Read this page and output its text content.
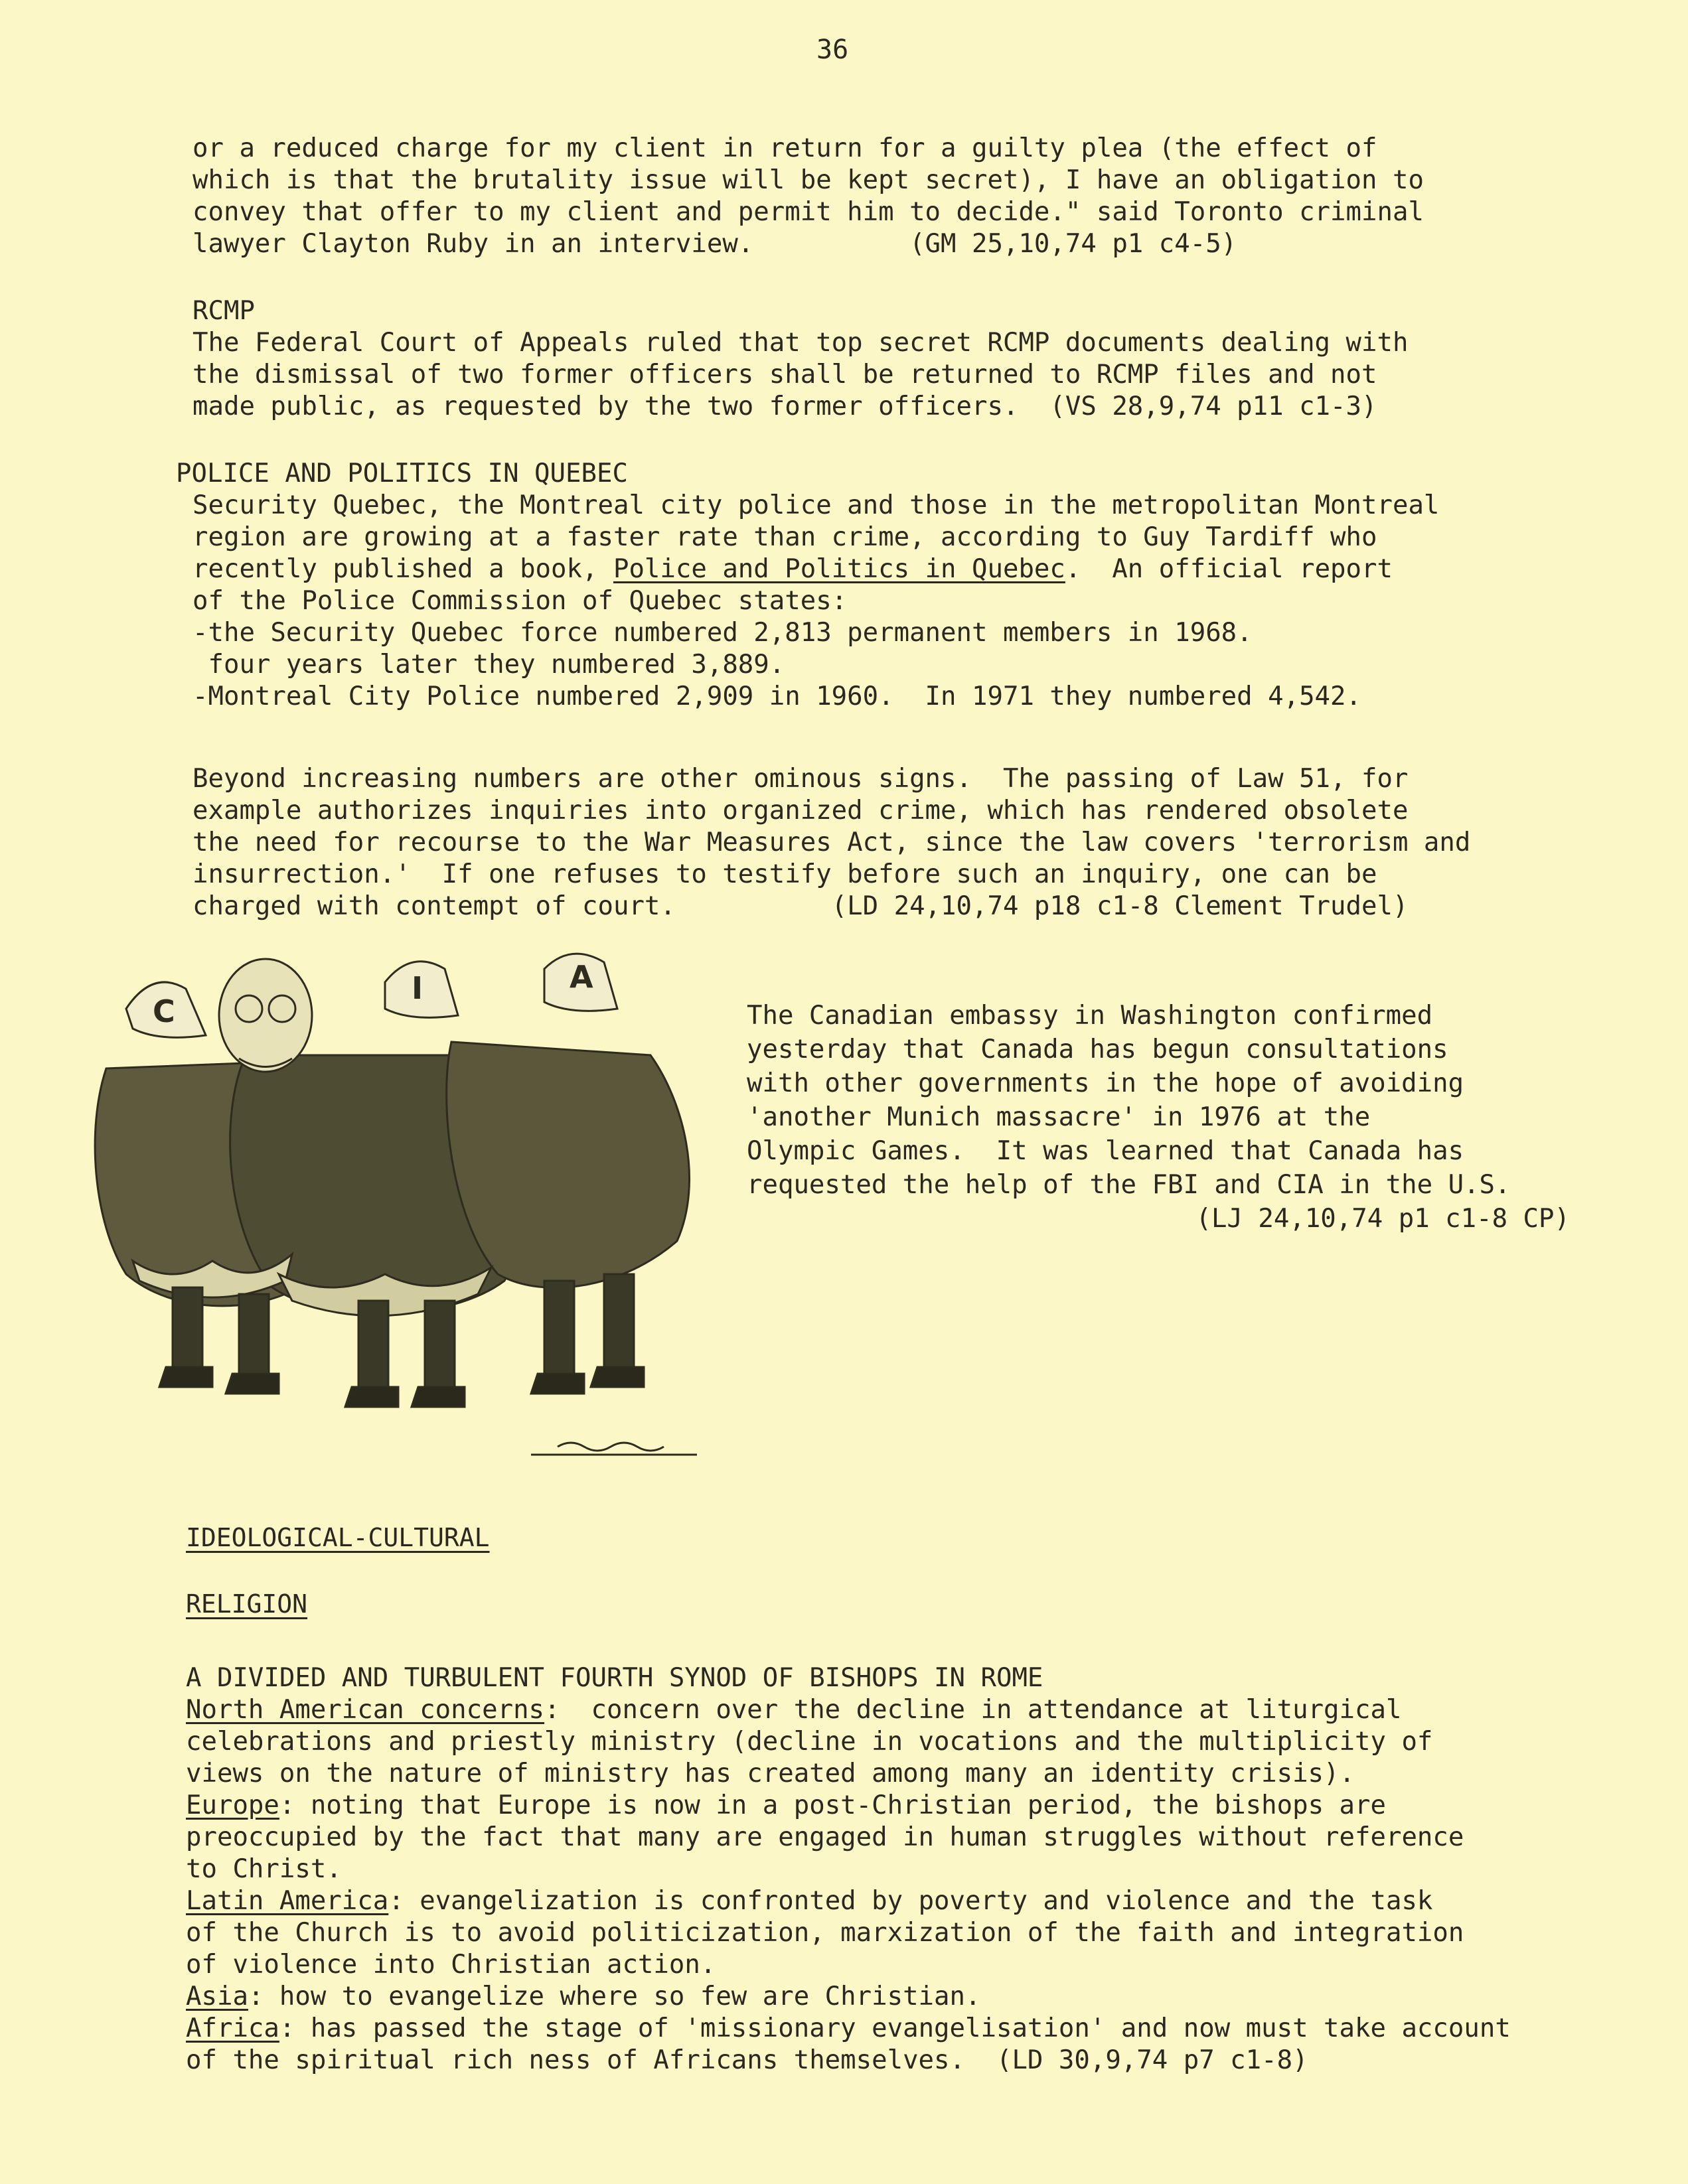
36
or a reduced charge for my client in return for a guilty plea (the effect of
which is that the brutality issue will be kept secret), I have an obligation to
convey that offer to my client and permit him to decide." said Toronto criminal
lawyer Clayton Ruby in an interview.          (GM 25,10,74 p1 c4-5)
RCMP
The Federal Court of Appeals ruled that top secret RCMP documents dealing with
the dismissal of two former officers shall be returned to RCMP files and not
made public, as requested by the two former officers.  (VS 28,9,74 p11 c1-3)
POLICE AND POLITICS IN QUEBEC
Security Quebec, the Montreal city police and those in the metropolitan Montreal
region are growing at a faster rate than crime, according to Guy Tardiff who
recently published a book, Police and Politics in Quebec.  An official report
of the Police Commission of Quebec states:
-the Security Quebec force numbered 2,813 permanent members in 1968.
four years later they numbered 3,889.
-Montreal City Police numbered 2,909 in 1960.  In 1971 they numbered 4,542.
Beyond increasing numbers are other ominous signs.  The passing of Law 51, for
example authorizes inquiries into organized crime, which has rendered obsolete
the need for recourse to the War Measures Act, since the law covers 'terrorism and
insurrection.'  If one refuses to testify before such an inquiry, one can be
charged with contempt of court.          (LD 24,10,74 p18 c1-8 Clement Trudel)
C
I	A
The Canadian embassy in Washington confirmed
yesterday that Canada has begun consultations
with other governments in the hope of avoiding
'another Munich massacre' in 1976 at the
Olympic Games.  It was learned that Canada has
requested the help of the FBI and CIA in the U.S.
(LJ 24,10,74 p1 c1-8 CP)
IDEOLOGICAL-CULTURAL
RELIGION
A DIVIDED AND TURBULENT FOURTH SYNOD OF BISHOPS IN ROME
North American concerns:  concern over the decline in attendance at liturgical
celebrations and priestly ministry (decline in vocations and the multiplicity of
views on the nature of ministry has created among many an identity crisis).
Europe: noting that Europe is now in a post-Christian period, the bishops are
preoccupied by the fact that many are engaged in human struggles without reference
to Christ.
Latin America: evangelization is confronted by poverty and violence and the task
of the Church is to avoid politicization, marxization of the faith and integration
of violence into Christian action.
Asia: how to evangelize where so few are Christian.
Africa: has passed the stage of 'missionary evangelisation' and now must take account
of the spiritual rich ness of Africans themselves.  (LD 30,9,74 p7 c1-8)
